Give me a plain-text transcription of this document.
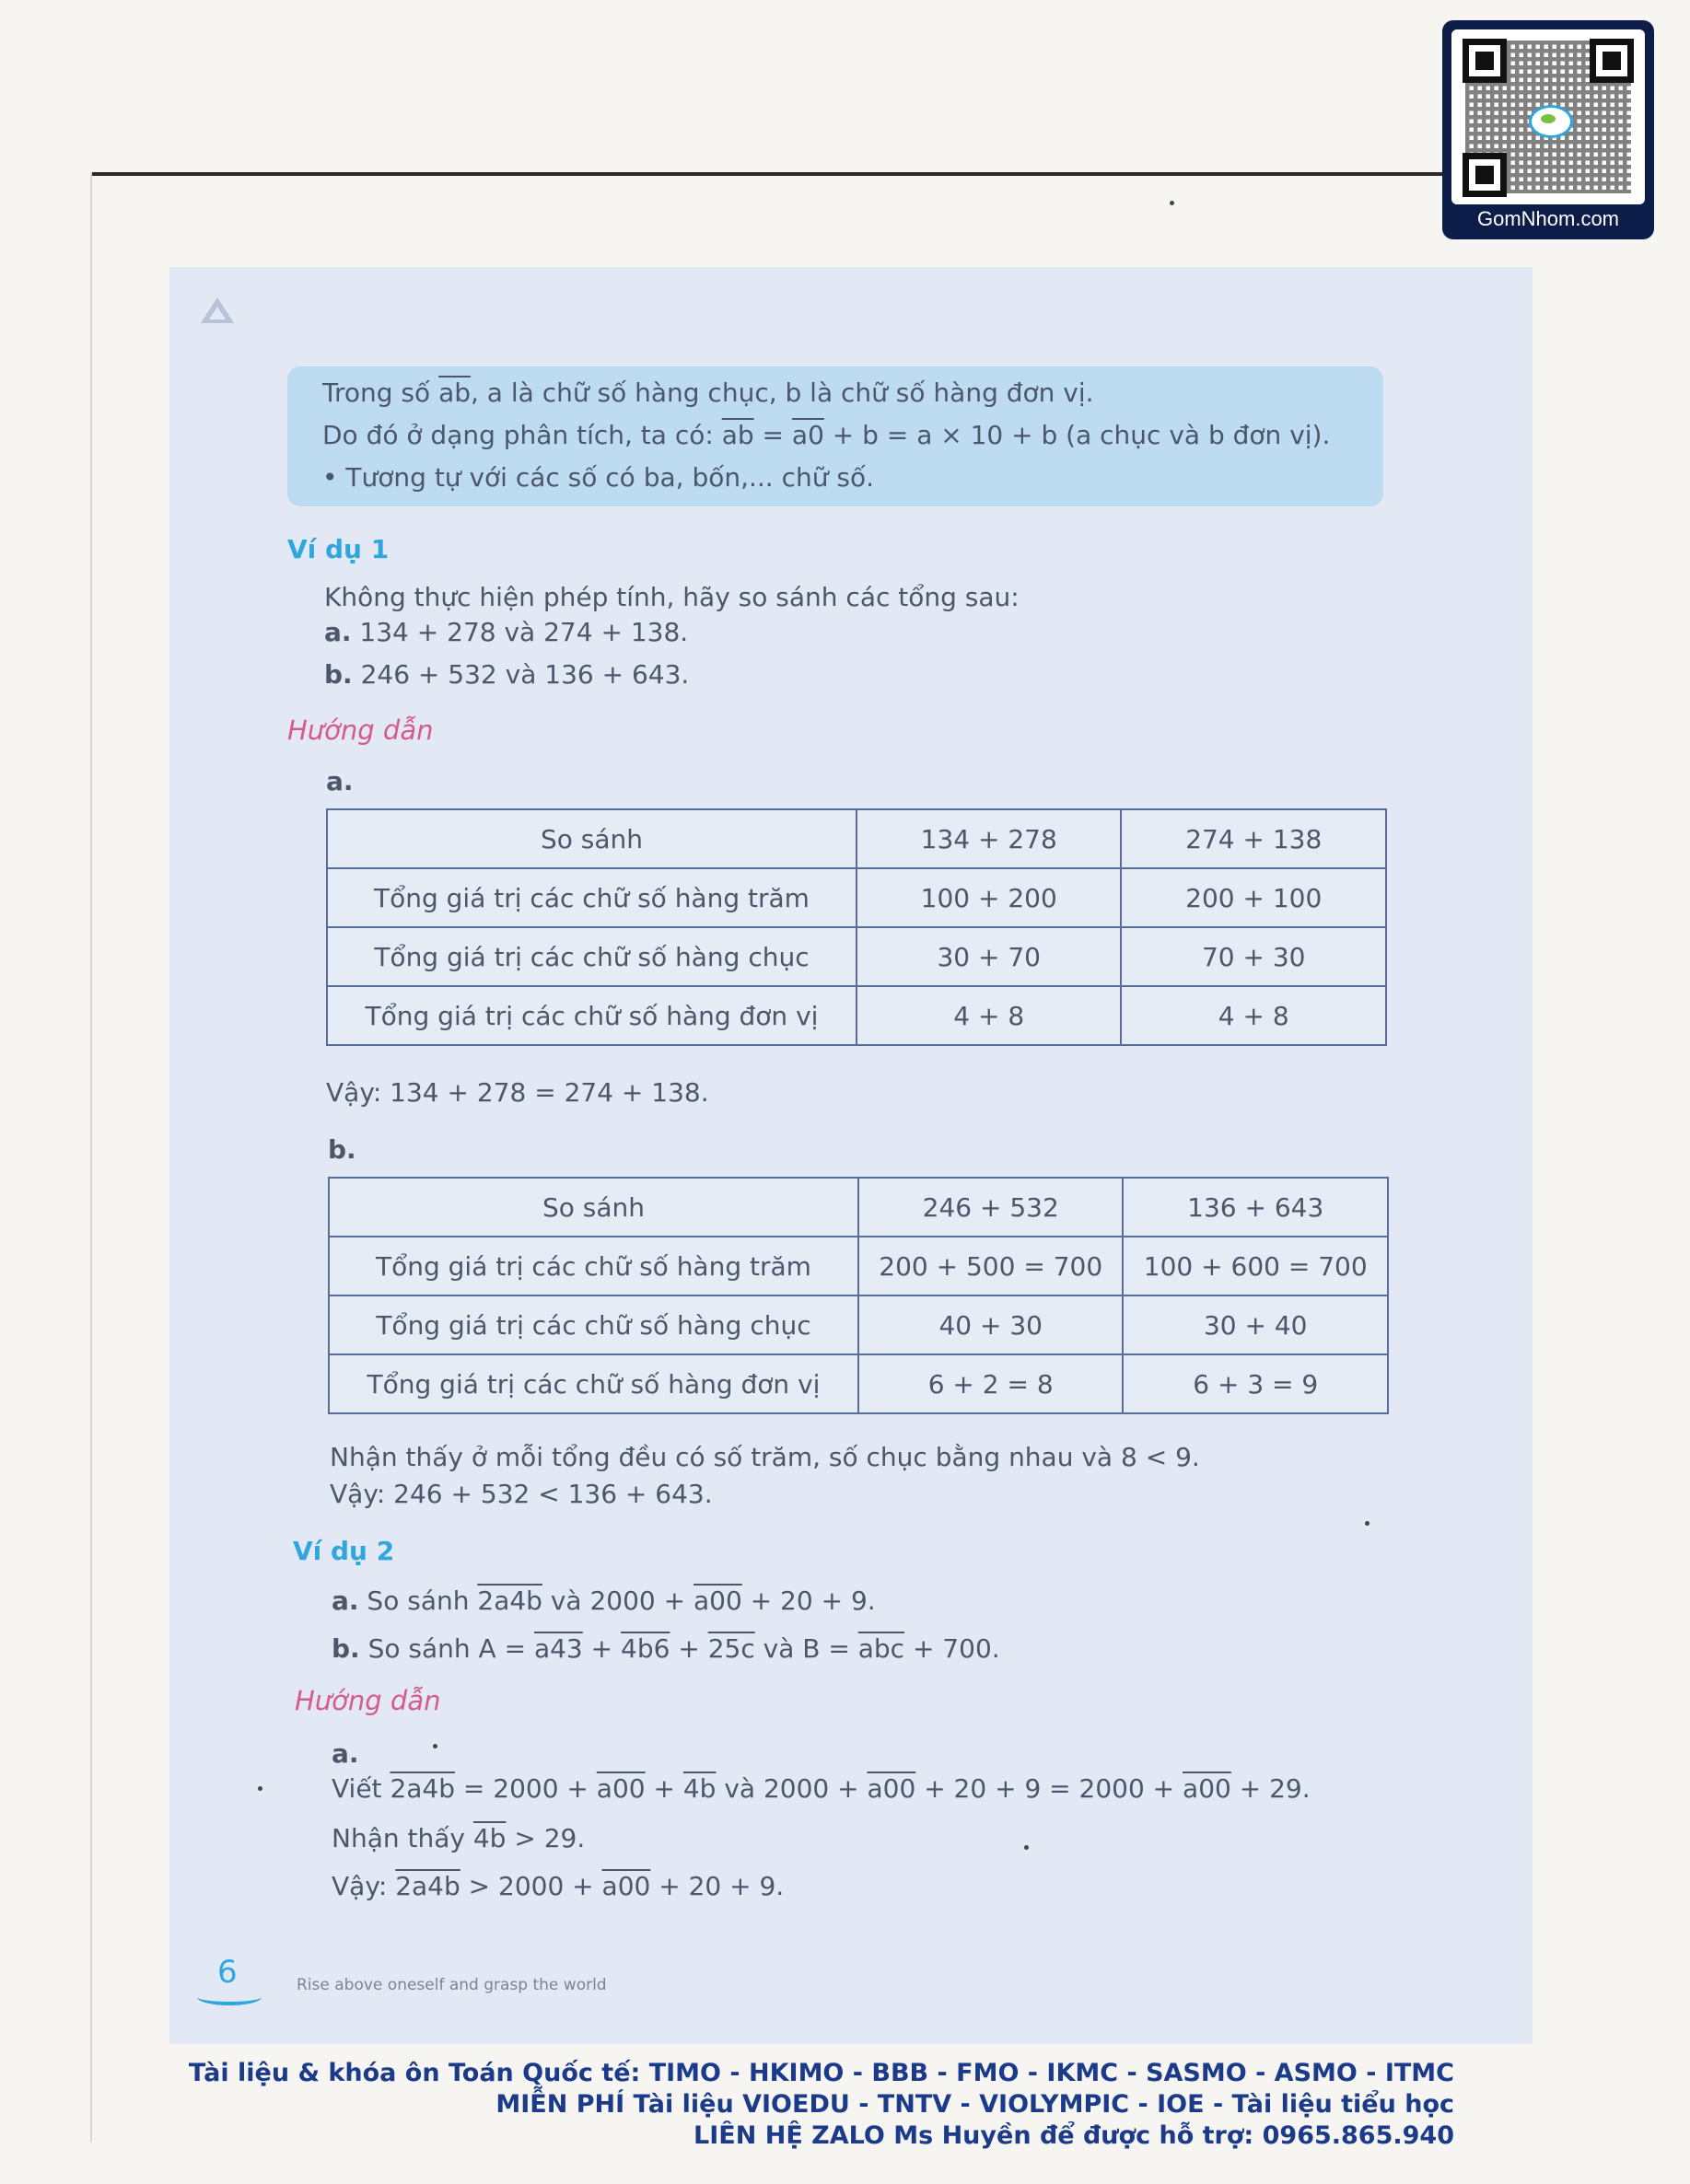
Trong số $\overline{ab}$, a là chữ số hàng chục, b là chữ số hàng đơn vị.

Do đó ở dạng phân tích, ta có: $\overline{ab} = a0 + b = a \times 10 + b$ (a chục và b đơn vị).

• Tương tự với các số có ba, bốn,... chữ số.

Ví dụ 1

Không thực hiện phép tính, hãy so sánh các tổng sau:

a. 134 + 278 và 274 + 138.

b. 246 + 532 và 136 + 643.

Hướng dẫn

a.

So sánh	134 + 278	274 + 138
Tổng giá trị các chữ số hàng trăm	100 + 200	200 + 100
Tổng giá trị các chữ số hàng chục	30 + 70	70 + 30
Tổng giá trị các chữ số hàng đơn vị	4 + 8	4 + 8

Vậy: 134 + 278 = 274 + 138.

b.

So sánh	246 + 532	136 + 643
Tổng giá trị các chữ số hàng trăm	200 + 500 = 700	100 + 600 = 700
Tổng giá trị các chữ số hàng chục	40 + 30	30 + 40
Tổng giá trị các chữ số hàng đơn vị	6 + 2 = 8	6 + 3 = 9

Nhận thấy ở mỗi tổng đều có số trăm, số chục bằng nhau và 8 < 9.

Vậy: 246 + 532 < 136 + 643.

Ví dụ 2

a. So sánh 2a4b và 2000 + a00 + 20 + 9.

b. So sánh A = a43 + 4b6 + 25c và $B = \overline{abc} + 700$.

Hướng dẫn

a.

Viết 2a4b = 2000 + a00 + 4b và 2000 + a00 + 20 + 9 = 2000 + a00 + 29.

Nhận thấy 4b > 29.

Vậy: 2a4b > 2000 + a00 + 20 + 9.

6	Rise above oneself and grasp the world
GomNhom.com
Tài liệu & khóa ôn Toán Quốc tế: TIMO - HKIMO - BBB - FMO - IKMC - SASMO - ASMO - ITMC
MIỄN PHÍ Tài liệu VIOEDU - TNTV - VIOLYMPIC - IOE - Tài liệu tiểu học
LIÊN HỆ ZALO Ms Huyền để được hỗ trợ: 0965.865.940
